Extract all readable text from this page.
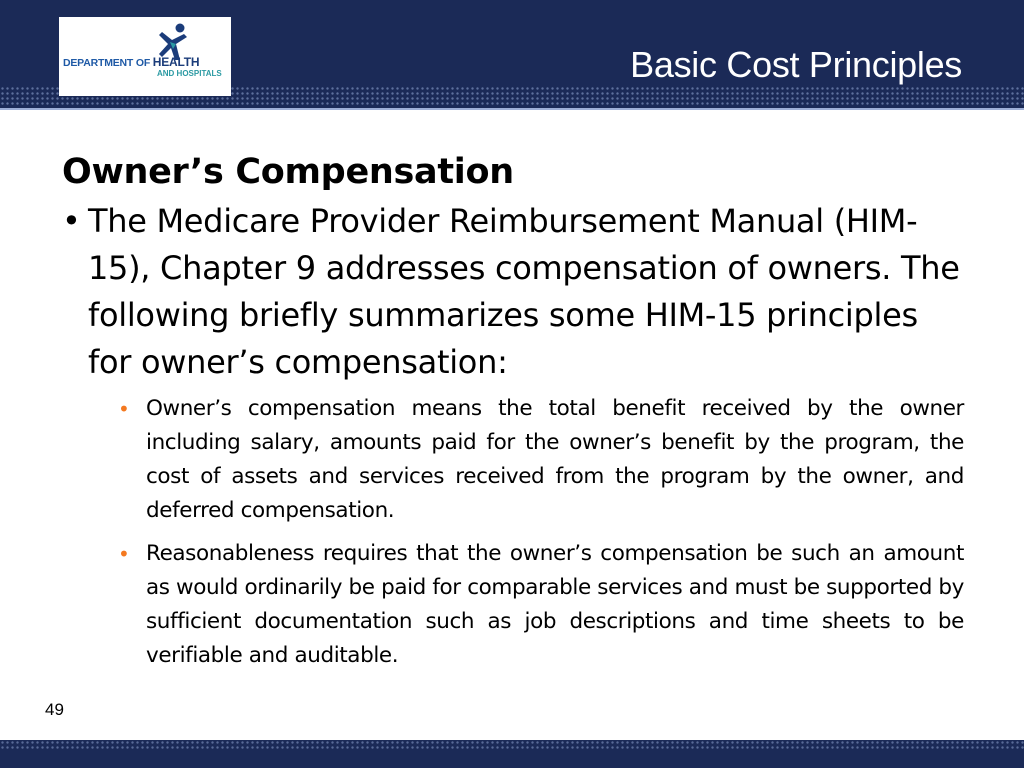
DEPARTMENT OF HEALTH
AND HOSPITALS	Basic Cost Principles
Owner’s Compensation
• The Medicare Provider Reimbursement Manual (HIM-15), Chapter 9 addresses compensation of owners. The following briefly summarizes some HIM-15 principles for owner’s compensation:
• Owner’s compensation means the total benefit received by the owner including salary, amounts paid for the owner’s benefit by the program, the cost of assets and services received from the program by the owner, and deferred compensation.
• Reasonableness requires that the owner’s compensation be such an amount as would ordinarily be paid for comparable services and must be supported by sufficient documentation such as job descriptions and time sheets to be verifiable and auditable.
49
